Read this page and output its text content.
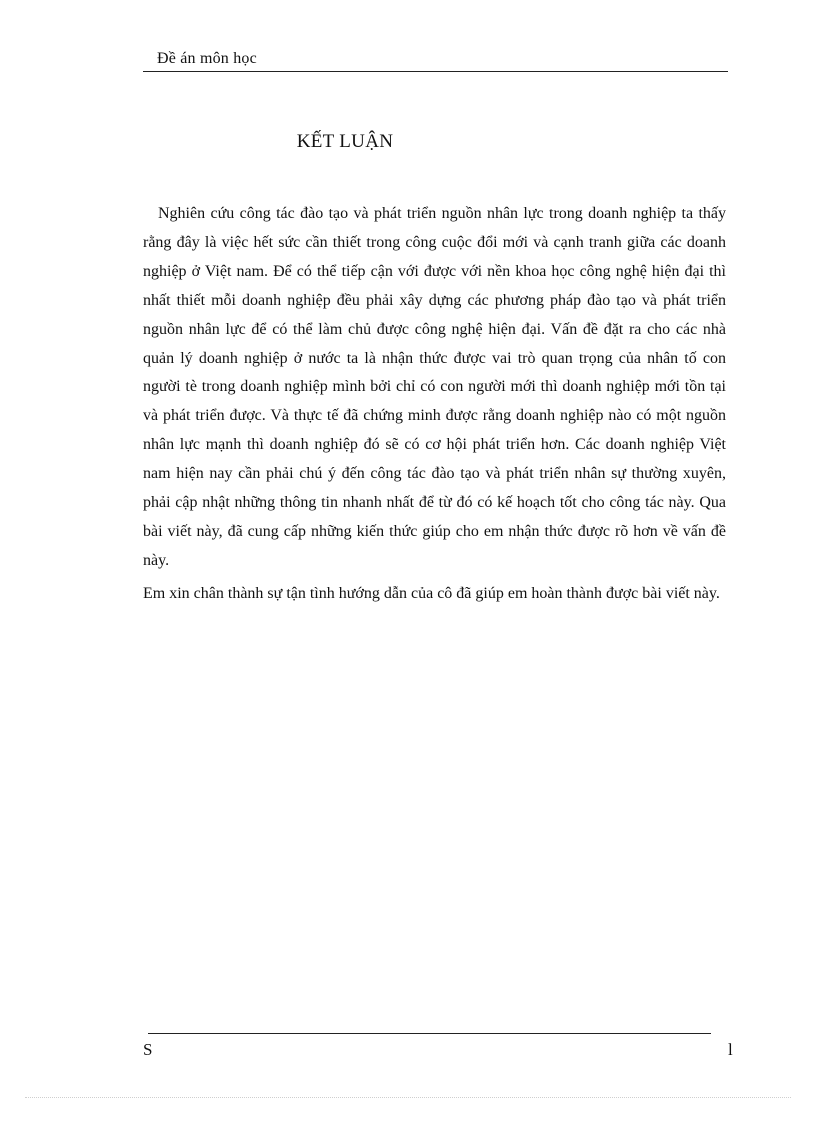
Đề án môn học
KẾT LUẬN

Nghiên cứu công tác đào tạo và phát triển nguồn nhân lực trong doanh nghiệp ta thấy rằng đây là việc hết sức cần thiết trong công cuộc đổi mới và cạnh tranh giữa các doanh nghiệp ở Việt nam. Để có thể tiếp cận với được với nền khoa học công nghệ hiện đại thì nhất thiết mỗi doanh nghiệp đều phải xây dựng các phương pháp đào tạo và phát triển nguồn nhân lực để có thể làm chủ được công nghệ hiện đại. Vấn đề đặt ra cho các nhà quản lý doanh nghiệp ở nước ta là nhận thức được vai trò quan trọng của nhân tố con người tè trong doanh nghiệp mình bởi chỉ có con người mới thì doanh nghiệp mới tồn tại và phát triển được. Và thực tế đã chứng minh được rằng doanh nghiệp nào có một nguồn nhân lực mạnh thì doanh nghiệp đó sẽ có cơ hội phát triển hơn. Các doanh nghiệp Việt nam hiện nay cần phải chú ý đến công tác đào tạo và phát triển nhân sự thường xuyên, phải cập nhật những thông tin nhanh nhất để từ đó có kế hoạch tốt cho công tác này. Qua bài viết này, đã cung cấp những kiến thức giúp cho em nhận thức được rõ hơn về vấn đề này.

Em xin chân thành sự tận tình hướng dẫn của cô đã giúp em hoàn thành được bài viết này.

S	l
